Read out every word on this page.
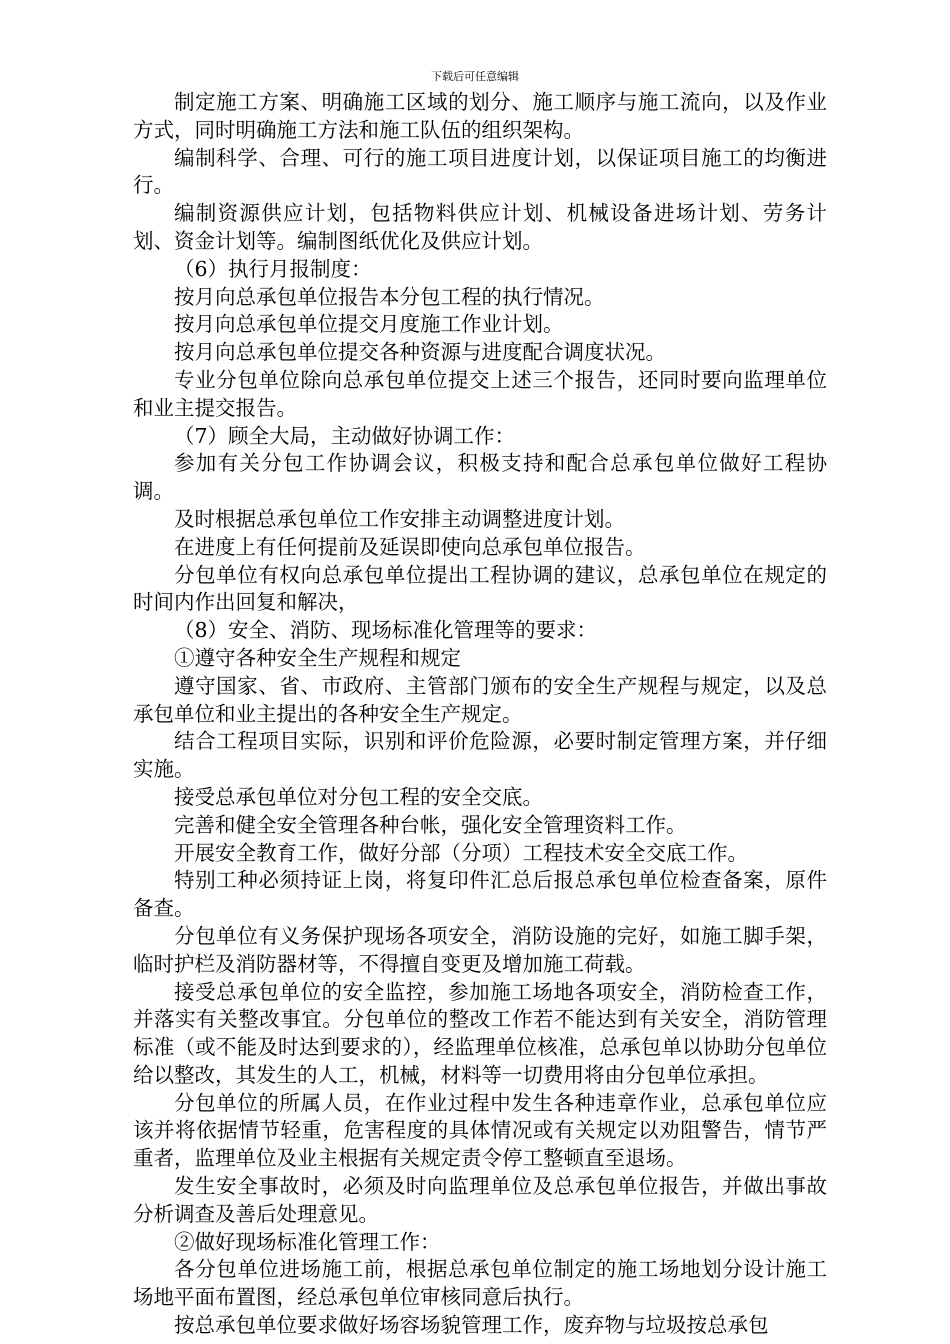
下载后可任意编辑

制定施工方案、明确施工区域的划分、施工顺序与施工流向，以及作业方式，同时明确施工方法和施工队伍的组织架构。

编制科学、合理、可行的施工项目进度计划，以保证项目施工的均衡进行。

编制资源供应计划，包括物料供应计划、机械设备进场计划、劳务计划、资金计划等。编制图纸优化及供应计划。

（6）执行月报制度：

按月向总承包单位报告本分包工程的执行情况。

按月向总承包单位提交月度施工作业计划。

按月向总承包单位提交各种资源与进度配合调度状况。

专业分包单位除向总承包单位提交上述三个报告，还同时要向监理单位和业主提交报告。

（7）顾全大局，主动做好协调工作：

参加有关分包工作协调会议，积极支持和配合总承包单位做好工程协调。

及时根据总承包单位工作安排主动调整进度计划。

在进度上有任何提前及延误即使向总承包单位报告。

分包单位有权向总承包单位提出工程协调的建议，总承包单位在规定的时间内作出回复和解决，

（8）安全、消防、现场标准化管理等的要求：

①遵守各种安全生产规程和规定

遵守国家、省、市政府、主管部门颁布的安全生产规程与规定，以及总承包单位和业主提出的各种安全生产规定。

结合工程项目实际，识别和评价危险源，必要时制定管理方案，并仔细实施。

接受总承包单位对分包工程的安全交底。

完善和健全安全管理各种台帐，强化安全管理资料工作。

开展安全教育工作，做好分部（分项）工程技术安全交底工作。

特别工种必须持证上岗，将复印件汇总后报总承包单位检查备案，原件备查。

分包单位有义务保护现场各项安全，消防设施的完好，如施工脚手架，临时护栏及消防器材等，不得擅自变更及增加施工荷载。

接受总承包单位的安全监控，参加施工场地各项安全，消防检查工作，并落实有关整改事宜。分包单位的整改工作若不能达到有关安全，消防管理标准（或不能及时达到要求的），经监理单位核准，总承包单以协助分包单位给以整改，其发生的人工，机械，材料等一切费用将由分包单位承担。

分包单位的所属人员，在作业过程中发生各种违章作业，总承包单位应该并将依据情节轻重，危害程度的具体情况或有关规定以劝阻警告，情节严重者，监理单位及业主根据有关规定责令停工整顿直至退场。

发生安全事故时，必须及时向监理单位及总承包单位报告，并做出事故分析调查及善后处理意见。

②做好现场标准化管理工作：

各分包单位进场施工前，根据总承包单位制定的施工场地划分设计施工场地平面布置图，经总承包单位审核同意后执行。

按总承包单位要求做好场容场貌管理工作，废弃物与垃圾按总承包
